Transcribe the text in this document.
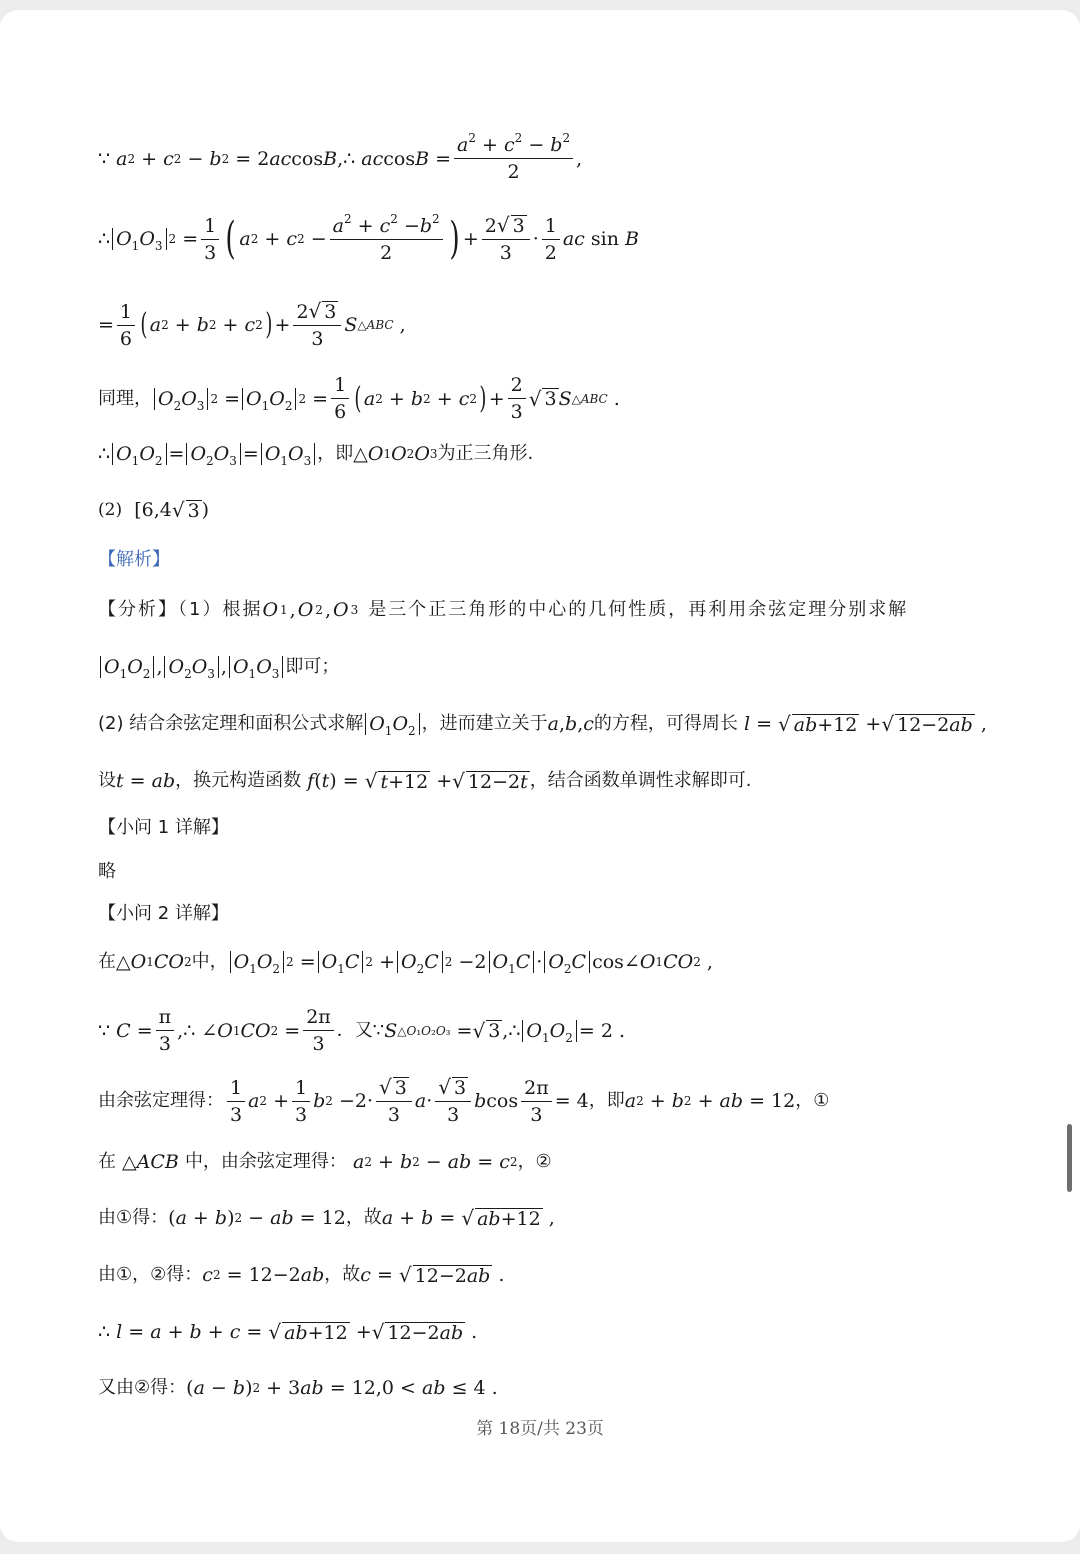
∵ a 2 + c 2 − b 2 = 2 ac cos B ,∴ ac $\cos B = \frac{a^2 + c^2 - b^2}{2}$ ,
∴ $O_1O_3$ $2 = \frac{1}{3}$ ( a 2 + c $2 - \frac{a^2 + c^2 -b^2}{2}$ ) + $\frac{2√ 3}{3} \cdot \frac{1}{2}$ ac sin B
= $\frac{1}{6}$ ( a 2 + b 2 + c 2 ) + $\frac{2√ 3}{3}$ S △ABC ,
同理， $O_2O_3$ $2 = O_1O_2$ $2 = \frac{1}{6}$ ( a 2 + b 2 + c 2 ) + $\frac{2}{3}$ √ 3 S △ABC .
∴ $O_1O_2 = O_2O_3 = O_1O_3$ ，即 △ O 1 O 2 O 3 为正三角形.
(2)
[6,4 √ 3 )
【解析】
【分析】（1）根据 O 1 , O 2 , O 3
是三个正三角形的中心的几何性质，再利用余弦定理分别求解
$O_1O_2$ , $O_2O_3$ , $O_1O_3$ 即可；
(2) 结合余弦定理和面积公式求解 $O_1O_2$ ，进而建立关于 a , b , c 的方程，可得周长 l = √ ab+12 + √ 12−2ab ,
设 t = ab ，换元构造函数 f ( t ) = √ t+12 + √ 12−2t ，结合函数单调性求解即可.
【小问 1 详解】
略
【小问 2 详解】
在 △ O 1 CO 2 中， $O_1O_2$ $2 = O_1C$ $2 + O_2C$ 2 −2 $O_1C \cdot O_2C$ cos∠ O 1 CO 2 ,
∵ $C = \frac{\pi}{3}$ ,∴ ∠ O 1 CO $2 = \frac{2\pi}{3}$ ．又∵ S △O₁O₂O₃ = √ 3 ,∴ $O_1O_2 = 2$ .
由余弦定理得： $\frac{1}{3}$ a $2 + \frac{1}{3}$ b $2 -2\cdot \frac{√ 3}{3}$ $a \cdot \frac{√ 3}{3}$ b $\cos \frac{2\pi}{3} = 4$ ，即 a 2 + b 2 + ab = 12 ，①
在 △ ACB
中，由余弦定理得： a 2 + b 2 − ab = c 2 ，②
由①得： ( a + b ) 2 − ab = 12 ，故 a + b = √ ab+12 ,
由①，②得： c 2 = 12−2 ab ，故 c = √ 12−2ab .
∴ l = a + b + c = √ ab+12 + √ 12−2ab .
又由②得： ( a − b ) 2 + 3 ab = 12,0 < ab ≤ 4 .
第 18页/共 23页
